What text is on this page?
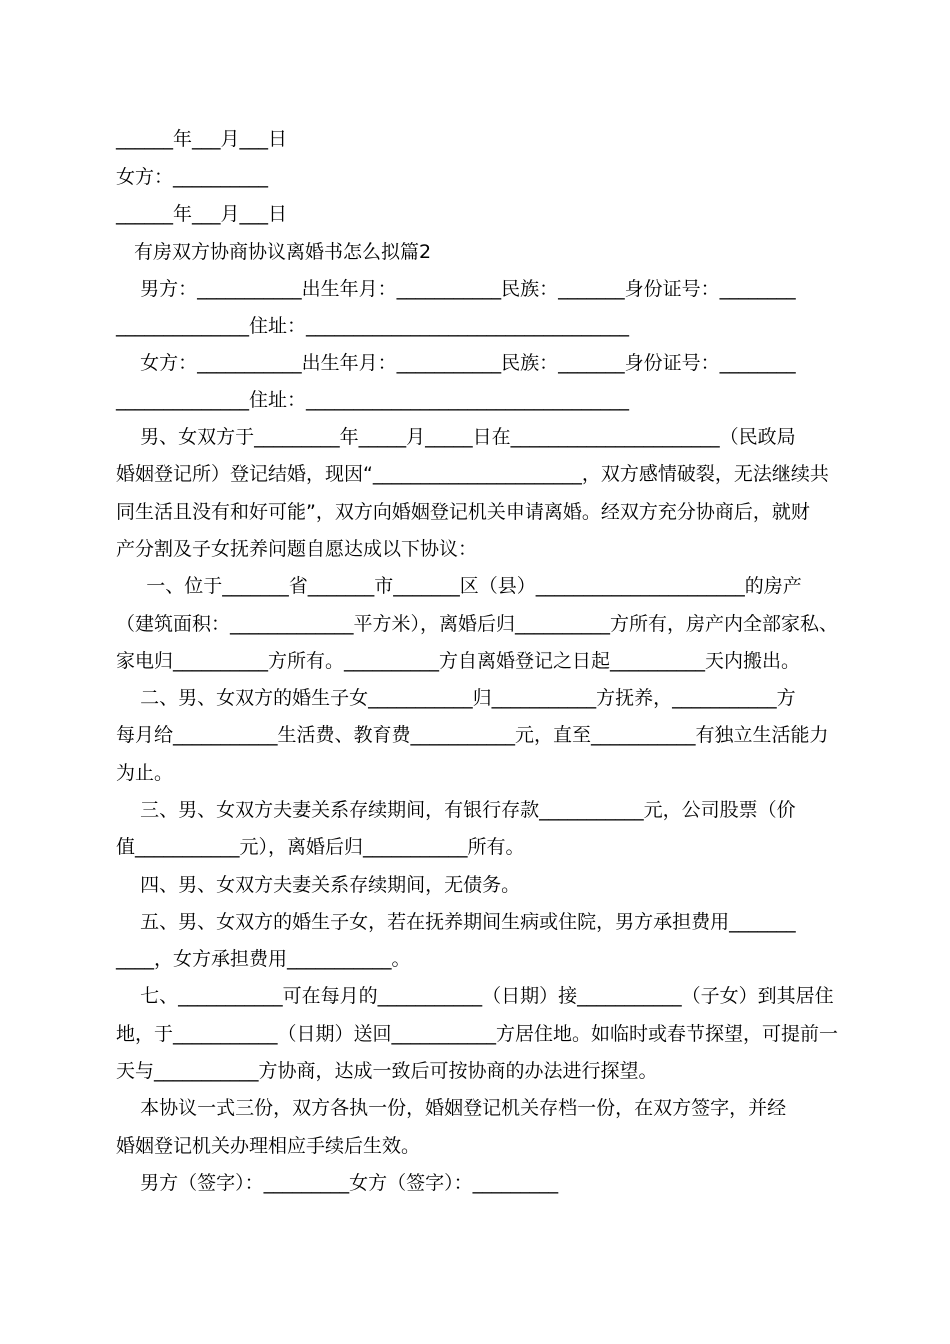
______年___月___日

女方：__________

______年___月___日

有房双方协商协议离婚书怎么拟篇2

男方：___________出生年月：___________民族：_______身份证号：________

______________住址：__________________________________

女方：___________出生年月：___________民族：_______身份证号：________

______________住址：__________________________________

男、女双方于_________年_____月_____日在______________________（民政局

婚姻登记所）登记结婚，现因“______________________，双方感情破裂，无法继续共

同生活且没有和好可能”，双方向婚姻登记机关申请离婚。经双方充分协商后，就财

产分割及子女抚养问题自愿达成以下协议：

一、位于_______省_______市_______区（县）______________________的房产

（建筑面积：_____________平方米），离婚后归__________方所有，房产内全部家私、

家电归__________方所有。__________方自离婚登记之日起__________天内搬出。

二、男、女双方的婚生子女___________归___________方抚养，___________方

每月给___________生活费、教育费___________元，直至___________有独立生活能力

为止。

三、男、女双方夫妻关系存续期间，有银行存款___________元，公司股票（价

值___________元），离婚后归___________所有。

四、男、女双方夫妻关系存续期间，无债务。

五、男、女双方的婚生子女，若在抚养期间生病或住院，男方承担费用_______

____，女方承担费用___________。

七、___________可在每月的___________（日期）接___________（子女）到其居住

地，于___________（日期）送回___________方居住地。如临时或春节探望，可提前一

天与___________方协商，达成一致后可按协商的办法进行探望。

本协议一式三份，双方各执一份，婚姻登记机关存档一份，在双方签字，并经

婚姻登记机关办理相应手续后生效。

男方（签字）：_________女方（签字）：_________
